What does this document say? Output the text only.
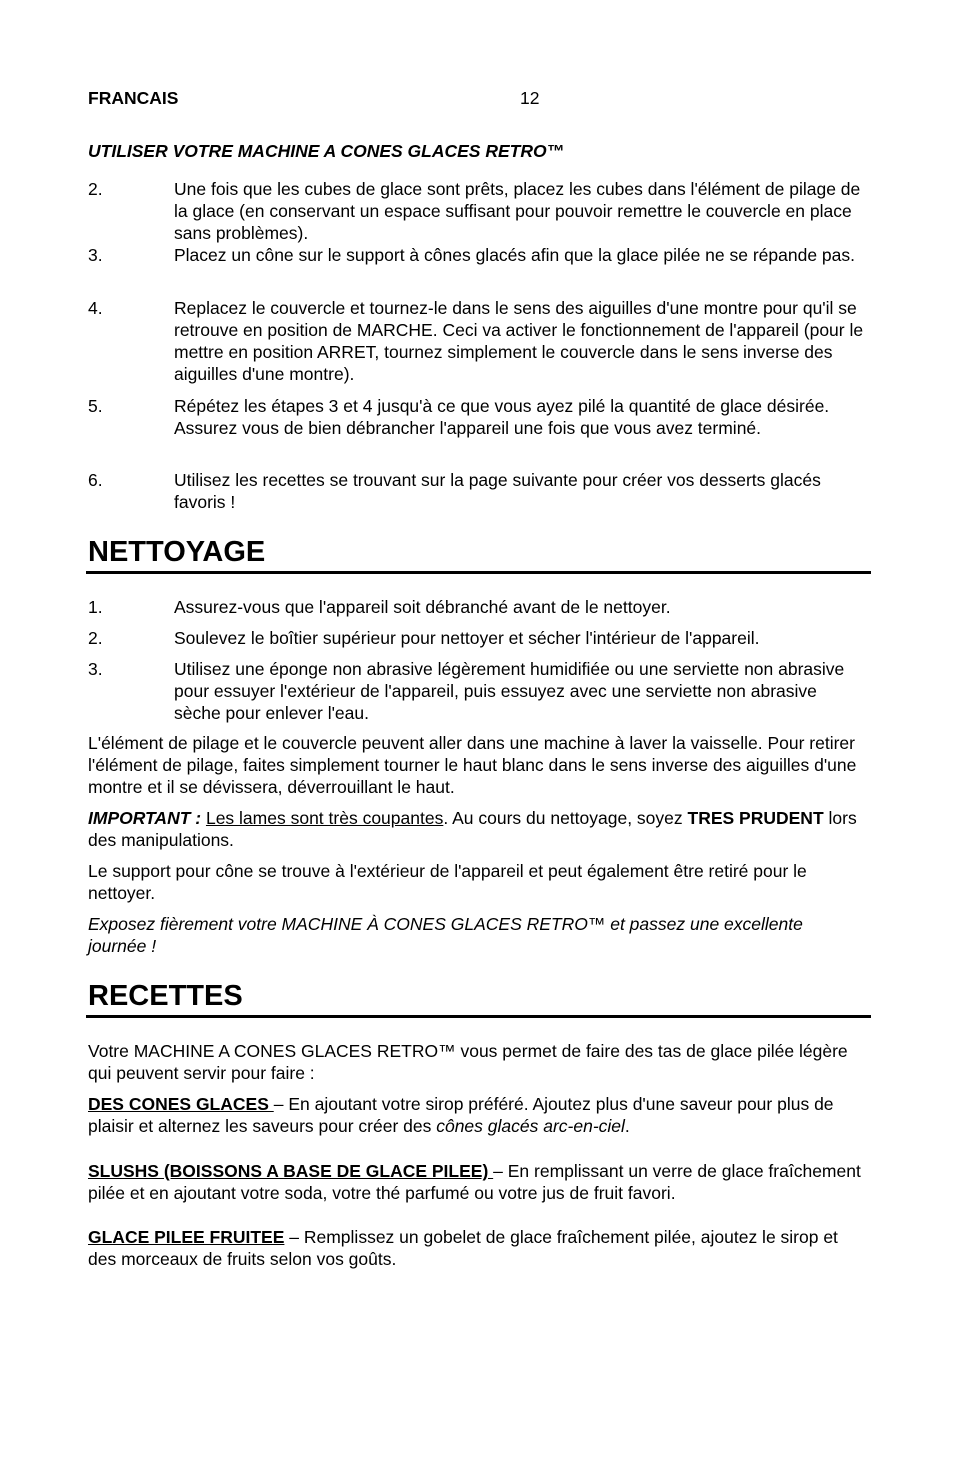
FRANCAIS	12
UTILISER VOTRE MACHINE A CONES GLACES RETRO™
2.	Une fois que les cubes de glace sont prêts, placez les cubes dans l'élément de pilage de la glace (en conservant un espace suffisant pour pouvoir remettre le couvercle en place sans problèmes).
3.	Placez un cône sur le support à cônes glacés afin que la glace pilée ne se répande pas.
4.	Replacez le couvercle et tournez-le dans le sens des aiguilles d'une montre pour qu'il se retrouve en position de MARCHE. Ceci va activer le fonctionnement de l'appareil (pour le mettre en position ARRET, tournez simplement le couvercle dans le sens inverse des aiguilles d'une montre).
5.	Répétez les étapes 3 et 4 jusqu'à ce que vous ayez pilé la quantité de glace désirée. Assurez vous de bien débrancher l'appareil une fois que vous avez terminé.
6.	Utilisez les recettes se trouvant sur la page suivante pour créer vos desserts glacés favoris !
NETTOYAGE
1.	Assurez-vous que l'appareil soit débranché avant de le nettoyer.
2.	Soulevez le boîtier supérieur pour nettoyer et sécher l'intérieur de l'appareil.
3.	Utilisez une éponge non abrasive légèrement humidifiée ou une serviette non abrasive pour essuyer l'extérieur de l'appareil, puis essuyez avec une serviette non abrasive sèche pour enlever l'eau.
L'élément de pilage et le couvercle peuvent aller dans une machine à laver la vaisselle. Pour retirer l'élément de pilage, faites simplement tourner le haut blanc dans le sens inverse des aiguilles d'une montre et il se dévissera, déverrouillant le haut.
IMPORTANT : Les lames sont très coupantes. Au cours du nettoyage, soyez TRES PRUDENT lors des manipulations.
Le support pour cône se trouve à l'extérieur de l'appareil et peut également être retiré pour le nettoyer.
Exposez fièrement votre MACHINE À CONES GLACES RETRO™ et passez une excellente journée !
RECETTES
Votre MACHINE A CONES GLACES RETRO™ vous permet de faire des tas de glace pilée légère qui peuvent servir pour faire :
DES CONES GLACES – En ajoutant votre sirop préféré. Ajoutez plus d'une saveur pour plus de plaisir et alternez les saveurs pour créer des cônes glacés arc-en-ciel.
SLUSHS (BOISSONS A BASE DE GLACE PILEE) – En remplissant un verre de glace fraîchement pilée et en ajoutant votre soda, votre thé parfumé ou votre jus de fruit favori.
GLACE PILEE FRUITEE – Remplissez un gobelet de glace fraîchement pilée, ajoutez le sirop et des morceaux de fruits selon vos goûts.
